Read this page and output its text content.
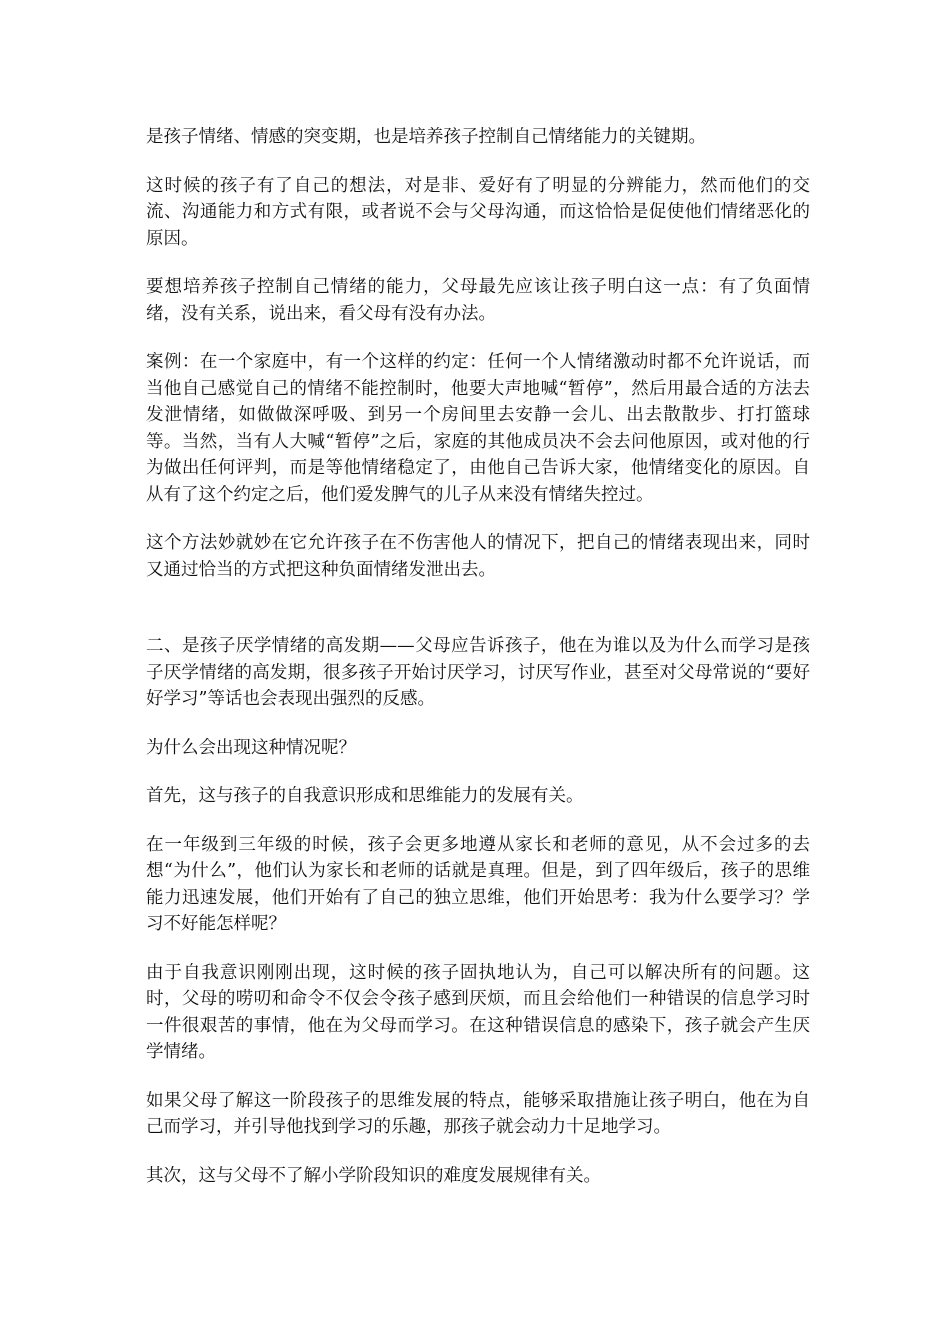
是孩子情绪、情感的突变期，也是培养孩子控制自己情绪能力的关键期。

这时候的孩子有了自己的想法，对是非、爱好有了明显的分辨能力，然而他们的交流、沟通能力和方式有限，或者说不会与父母沟通，而这恰恰是促使他们情绪恶化的原因。

要想培养孩子控制自己情绪的能力，父母最先应该让孩子明白这一点：有了负面情绪，没有关系，说出来，看父母有没有办法。

案例：在一个家庭中，有一个这样的约定：任何一个人情绪激动时都不允许说话，而当他自己感觉自己的情绪不能控制时，他要大声地喊“暂停”，然后用最合适的方法去发泄情绪，如做做深呼吸、到另一个房间里去安静一会儿、出去散散步、打打篮球等。当然，当有人大喊“暂停”之后，家庭的其他成员决不会去问他原因，或对他的行为做出任何评判，而是等他情绪稳定了，由他自己告诉大家，他情绪变化的原因。自从有了这个约定之后，他们爱发脾气的儿子从来没有情绪失控过。

这个方法妙就妙在它允许孩子在不伤害他人的情况下，把自己的情绪表现出来，同时又通过恰当的方式把这种负面情绪发泄出去。

二、是孩子厌学情绪的高发期——父母应告诉孩子，他在为谁以及为什么而学习是孩子厌学情绪的高发期，很多孩子开始讨厌学习，讨厌写作业，甚至对父母常说的“要好好学习”等话也会表现出强烈的反感。

为什么会出现这种情况呢？

首先，这与孩子的自我意识形成和思维能力的发展有关。

在一年级到三年级的时候，孩子会更多地遵从家长和老师的意见，从不会过多的去想“为什么”，他们认为家长和老师的话就是真理。但是，到了四年级后，孩子的思维能力迅速发展，他们开始有了自己的独立思维，他们开始思考：我为什么要学习？学习不好能怎样呢？

由于自我意识刚刚出现，这时候的孩子固执地认为，自己可以解决所有的问题。这时，父母的唠叨和命令不仅会令孩子感到厌烦，而且会给他们一种错误的信息学习时一件很艰苦的事情，他在为父母而学习。在这种错误信息的感染下，孩子就会产生厌学情绪。

如果父母了解这一阶段孩子的思维发展的特点，能够采取措施让孩子明白，他在为自己而学习，并引导他找到学习的乐趣，那孩子就会动力十足地学习。

其次，这与父母不了解小学阶段知识的难度发展规律有关。
